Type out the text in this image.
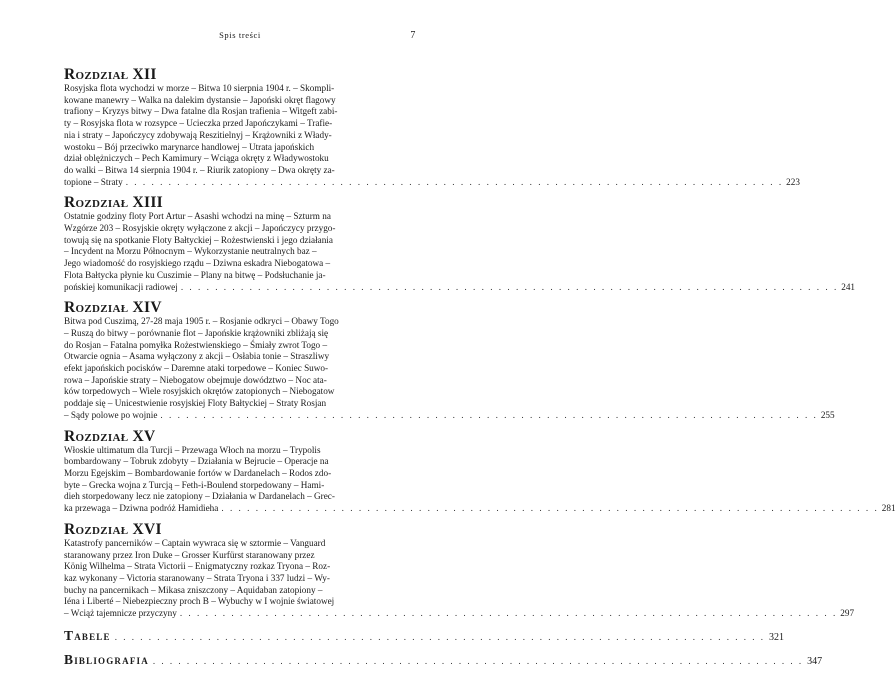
Spis treści	7
Rozdział XII
Rosyjska flota wychodzi w morze – Bitwa 10 sierpnia 1904 r. – Skompli-
kowane manewry – Walka na dalekim dystansie – Japoński okręt flagowy
trafiony – Kryzys bitwy – Dwa fatalne dla Rosjan trafienia – Witgeft zabi-
ty – Rosyjska flota w rozsypce – Ucieczka przed Japończykami – Trafie-
nia i straty – Japończycy zdobywają Reszitielnyj – Krążowniki z Włady-
wostoku – Bój przeciwko marynarce handlowej – Utrata japońskich
dział oblężniczych – Pech Kamimury – Wciąga okręty z Władywostoku
do walki – Bitwa 14 sierpnia 1904 r. – Riurik zatopiony – Dwa okręty za-
topione – Straty . . . . . . . . . . . . . . . . . . . . . . . . . . . . . . . . . . . . . . . . . . . . . . . . . . . . . . . . . . . . . . . . . . . . . . . . . . . . . 223
Rozdział XIII
Ostatnie godziny floty Port Artur – Asashi wchodzi na minę – Szturm na
Wzgórze 203 – Rosyjskie okręty wyłączone z akcji – Japończycy przygo-
towują się na spotkanie Floty Bałtyckiej – Rożestwienski i jego działania
– Incydent na Morzu Północnym – Wykorzystanie neutralnych baz –
Jego wiadomość do rosyjskiego rządu – Dziwna eskadra Niebogatowa –
Flota Bałtycka płynie ku Cuszimie – Plany na bitwę – Podsłuchanie ja-
pońskiej komunikacji radiowej . . . . . . . . . . . . . . . . . . . . . . . . . . . . . . . . . . . . . . . . . . . . . . . . . . . . . . . . . . . . . . . . . . . . . . . . . . . . . 241
Rozdział XIV
Bitwa pod Cuszimą, 27-28 maja 1905 r. – Rosjanie odkryci – Obawy Togo
– Ruszą do bitwy – porównanie flot – Japońskie krążowniki zbliżają się
do Rosjan – Fatalna pomyłka Rożestwienskiego – Śmiały zwrot Togo –
Otwarcie ognia – Asama wyłączony z akcji – Osłabia tonie – Straszliwy
efekt japońskich pocisków – Daremne ataki torpedowe – Koniec Suwo-
rowa – Japońskie straty – Niebogatow obejmuje dowództwo – Noc ata-
ków torpedowych – Wiele rosyjskich okrętów zatopionych – Niebogatow
poddaje się – Unicestwienie rosyjskiej Floty Bałtyckiej – Straty Rosjan
– Sądy polowe po wojnie . . . . . . . . . . . . . . . . . . . . . . . . . . . . . . . . . . . . . . . . . . . . . . . . . . . . . . . . . . . . . . . . . . . . . . . . . . . . . 255
Rozdział XV
Włoskie ultimatum dla Turcji – Przewaga Włoch na morzu – Trypolis
bombardowany – Tobruk zdobyty – Działania w Bejrucie – Operacje na
Morzu Egejskim – Bombardowanie fortów w Dardanelach – Rodos zdo-
byte – Grecka wojna z Turcją – Feth-i-Boulend storpedowany – Hami-
dieh storpedowany lecz nie zatopiony – Działania w Dardanelach – Grec-
ka przewaga – Dziwna podróż Hamidieha . . . . . . . . . . . . . . . . . . . . . . . . . . . . . . . . . . . . . . . . . . . . . . . . . . . . . . . . . . . . . . . . . . . . . . . . . . . . . 281
Rozdział XVI
Katastrofy pancerników – Captain wywraca się w sztormie – Vanguard
staranowany przez Iron Duke – Grosser Kurfürst staranowany przez
König Wilhelma – Strata Victorii – Enigmatyczny rozkaz Tryona – Roz-
kaz wykonany – Victoria staranowany – Strata Tryona i 337 ludzi – Wy-
buchy na pancernikach – Mikasa zniszczony – Aquidaban zatopiony –
Iéna i Liberté – Niebezpieczny proch B – Wybuchy w I wojnie światowej
– Wciąż tajemnicze przyczyny . . . . . . . . . . . . . . . . . . . . . . . . . . . . . . . . . . . . . . . . . . . . . . . . . . . . . . . . . . . . . . . . . . . . . . . . . . . . . 297
Tabele . . . . . . . . . . . . . . . . . . . . . . . . . . . . . . . . . . . . . . . . . . . . . . . . . . . . . . . . . . . . . . . . . . . . . . . . . . . . . 321
Bibliografia . . . . . . . . . . . . . . . . . . . . . . . . . . . . . . . . . . . . . . . . . . . . . . . . . . . . . . . . . . . . . . . . . . . . . . . . . . . . . 347
